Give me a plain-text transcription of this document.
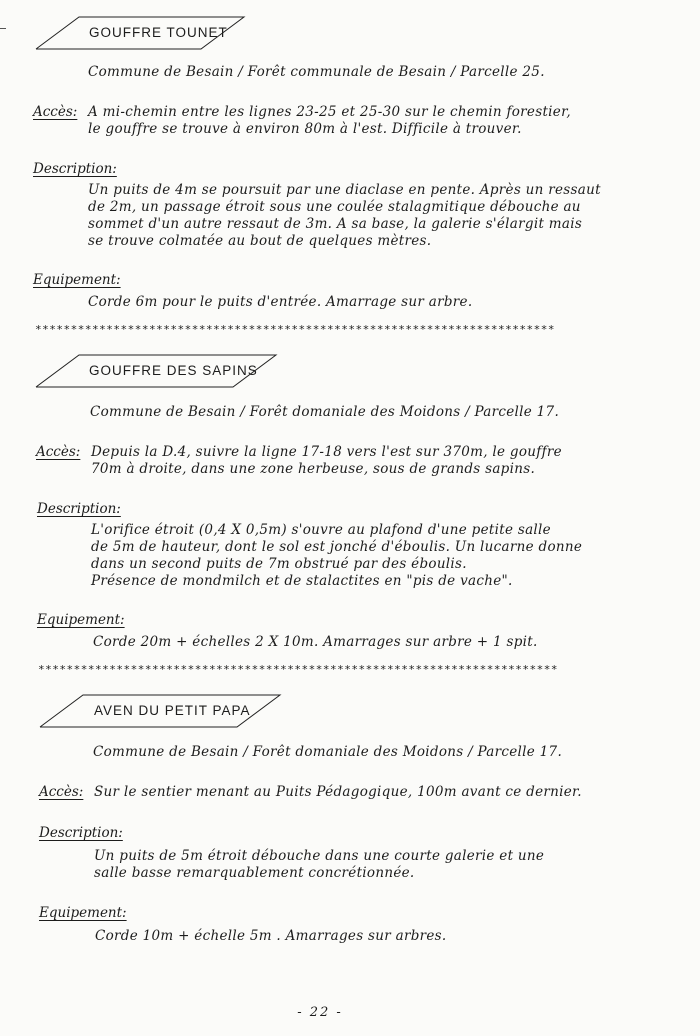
GOUFFRE TOUNET
Commune de Besain / Forêt communale de Besain / Parcelle 25.
Accès: A mi-chemin entre les lignes 23-25 et 25-30 sur le chemin forestier,
le gouffre se trouve à environ 80m à l'est. Difficile à trouver.
Description:
Un puits de 4m se poursuit par une diaclase en pente. Après un ressaut
de 2m, un passage étroit sous une coulée stalagmitique débouche au
sommet d'un autre ressaut de 3m. A sa base, la galerie s'élargit mais
se trouve colmatée au bout de quelques mètres.
Equipement:
Corde 6m pour le puits d'entrée. Amarrage sur arbre.
*************************************************************************
GOUFFRE DES SAPINS
Commune de Besain / Forêt domaniale des Moidons / Parcelle 17.
Accès: Depuis la D.4, suivre la ligne 17-18 vers l'est sur 370m, le gouffre
70m à droite, dans une zone herbeuse, sous de grands sapins.
Description:
L'orifice étroit (0,4 X 0,5m) s'ouvre au plafond d'une petite salle
de 5m de hauteur, dont le sol est jonché d'éboulis. Un lucarne donne
dans un second puits de 7m obstrué par des éboulis.
Présence de mondmilch et de stalactites en "pis de vache".
Equipement:
Corde 20m + échelles 2 X 10m. Amarrages sur arbre + 1 spit.
*************************************************************************
AVEN DU PETIT PAPA
Commune de Besain / Forêt domaniale des Moidons / Parcelle 17.
Accès: Sur le sentier menant au Puits Pédagogique, 100m avant ce dernier.
Description:
Un puits de 5m étroit débouche dans une courte galerie et une
salle basse remarquablement concrétionnée.
Equipement:
Corde 10m + échelle 5m . Amarrages sur arbres.
- 22 -
